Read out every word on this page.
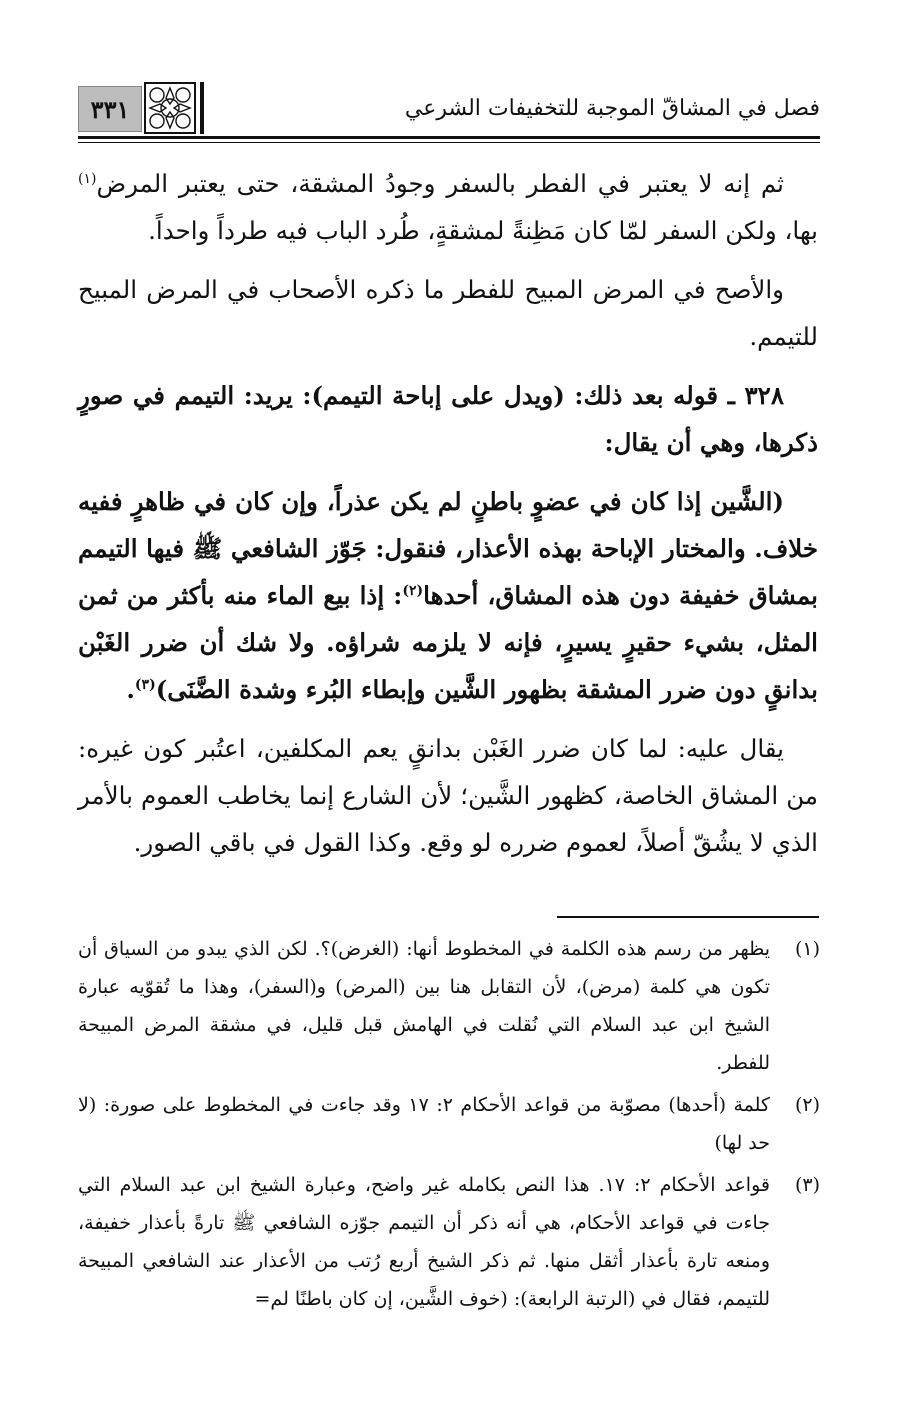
فصل في المشاقّ الموجبة للتخفيفات الشرعي
٣٣١

ثم إنه لا يعتبر في الفطر بالسفر وجودُ المشقة، حتى يعتبر المرض$^{(١)}$ بها، ولكن السفر لمّا كان مَظِنةً لمشقةٍ، طُرد الباب فيه طرداً واحداً.

والأصح في المرض المبيح للفطر ما ذكره الأصحاب في المرض المبيح للتيمم.

٣٢٨ ـ قوله بعد ذلك: (ويدل على إباحة التيمم): يريد: التيمم في صورٍ ذكرها، وهي أن يقال:

(الشَّين إذا كان في عضوٍ باطنٍ لم يكن عذراً، وإن كان في ظاهرٍ ففيه خلاف. والمختار الإباحة بهذه الأعذار، فنقول: جَوّز الشافعي ﷺ فيها التيمم بمشاق خفيفة دون هذه المشاق، أحدها$^{(٢)}$: إذا بيع الماء منه بأكثر من ثمن المثل، بشيء حقيرٍ يسيرٍ، فإنه لا يلزمه شراؤه. ولا شك أن ضرر الغَبْن بدانقٍ دون ضرر المشقة بظهور الشَّين وإبطاء البُرء وشدة الضَّنَى)$^{(٣)}$.

يقال عليه: لما كان ضرر الغَبْن بدانقٍ يعم المكلفين، اعتُبر كون غيره: من المشاق الخاصة، كظهور الشَّين؛ لأن الشارع إنما يخاطب العموم بالأمر الذي لا يشُقّ أصلاً، لعموم ضرره لو وقع. وكذا القول في باقي الصور.

(١)
يظهر من رسم هذه الكلمة في المخطوط أنها: (الغرض)؟. لكن الذي يبدو من السياق أن تكون هي كلمة (مرض)، لأن التقابل هنا بين (المرض) و(السفر)، وهذا ما تُقوّيه عبارة الشيخ ابن عبد السلام التي نُقلت في الهامش قبل قليل، في مشقة المرض المبيحة للفطر.
(٢)
كلمة (أحدها) مصوّبة من قواعد الأحكام ٢: ١٧ وقد جاءت في المخطوط على صورة: (لا حد لها)
(٣)
قواعد الأحكام ٢: ١٧. هذا النص بكامله غير واضح، وعبارة الشيخ ابن عبد السلام التي جاءت في قواعد الأحكام، هي أنه ذكر أن التيمم جوّزه الشافعي ﷺ تارةً بأعذار خفيفة، ومنعه تارة بأعذار أثقل منها. ثم ذكر الشيخ أربع رُتب من الأعذار عند الشافعي المبيحة للتيمم، فقال في (الرتبة الرابعة): (خوف الشَّين، إن كان باطنًا لم=
